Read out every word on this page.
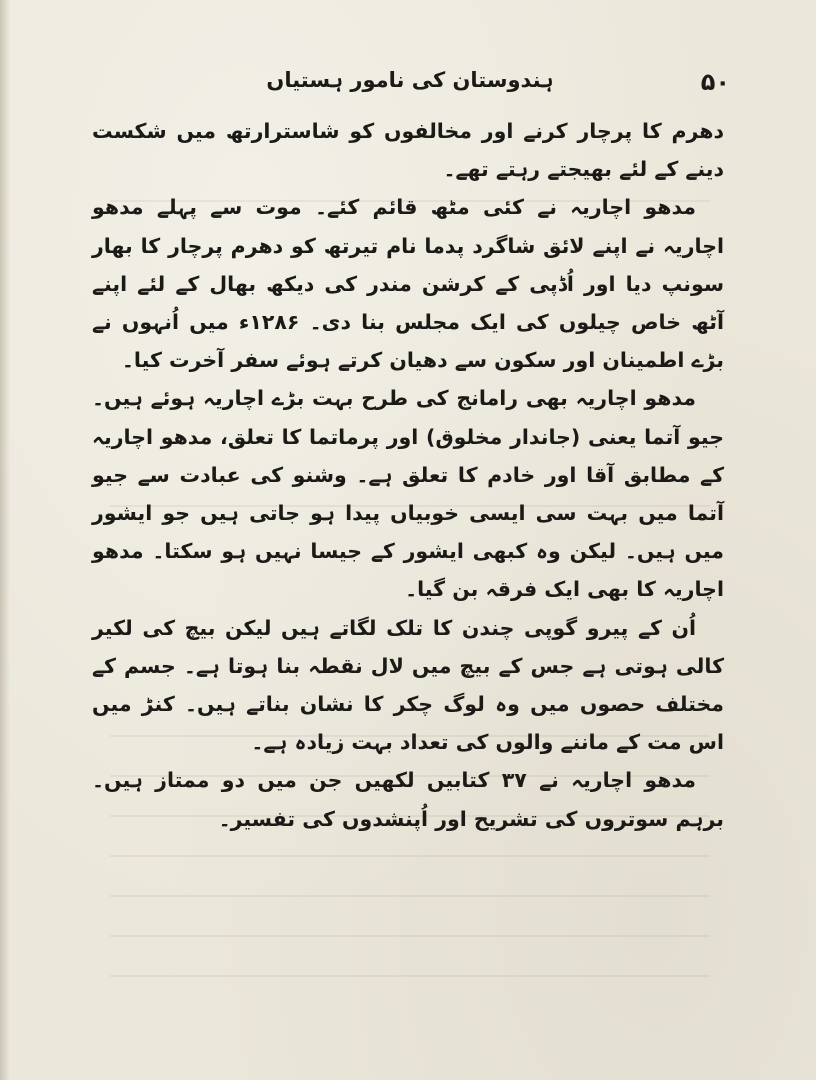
۵۰
ہندوستان کی نامور ہستیاں

دھرم کا پرچار کرنے اور مخالفوں کو شاسترارتھ میں شکست دینے کے لئے بھیجتے رہتے تھے۔

مدھو اچاریہ نے کئی مٹھ قائم کئے۔ موت سے پہلے مدھو اچاریہ نے اپنے لائق شاگرد پدما نام تیرتھ کو دھرم پرچار کا بھار سونپ دیا اور اُڈپی کے کرشن مندر کی دیکھ بھال کے لئے اپنے آٹھ خاص چیلوں کی ایک مجلس بنا دی۔ ۱۲۸۶ء میں اُنہوں نے بڑے اطمینان اور سکون سے دھیان کرتے ہوئے سفر آخرت کیا۔

مدھو اچاریہ بھی رامانج کی طرح بہت بڑے اچاریہ ہوئے ہیں۔ جیو آتما یعنی (جاندار مخلوق) اور پرماتما کا تعلق، مدھو اچاریہ کے مطابق آقا اور خادم کا تعلق ہے۔ وشنو کی عبادت سے جیو آتما میں بہت سی ایسی خوبیاں پیدا ہو جاتی ہیں جو ایشور میں ہیں۔ لیکن وہ کبھی ایشور کے جیسا نہیں ہو سکتا۔ مدھو اچاریہ کا بھی ایک فرقہ بن گیا۔

اُن کے پیرو گوپی چندن کا تلک لگاتے ہیں لیکن بیچ کی لکیر کالی ہوتی ہے جس کے بیچ میں لال نقطہ بنا ہوتا ہے۔ جسم کے مختلف حصوں میں وہ لوگ چکر کا نشان بناتے ہیں۔ کنڑ میں اس مت کے ماننے والوں کی تعداد بہت زیادہ ہے۔

مدھو اچاریہ نے ۳۷ کتابیں لکھیں جن میں دو ممتاز ہیں۔ برہم سوتروں کی تشریح اور اُپنشدوں کی تفسیر۔
